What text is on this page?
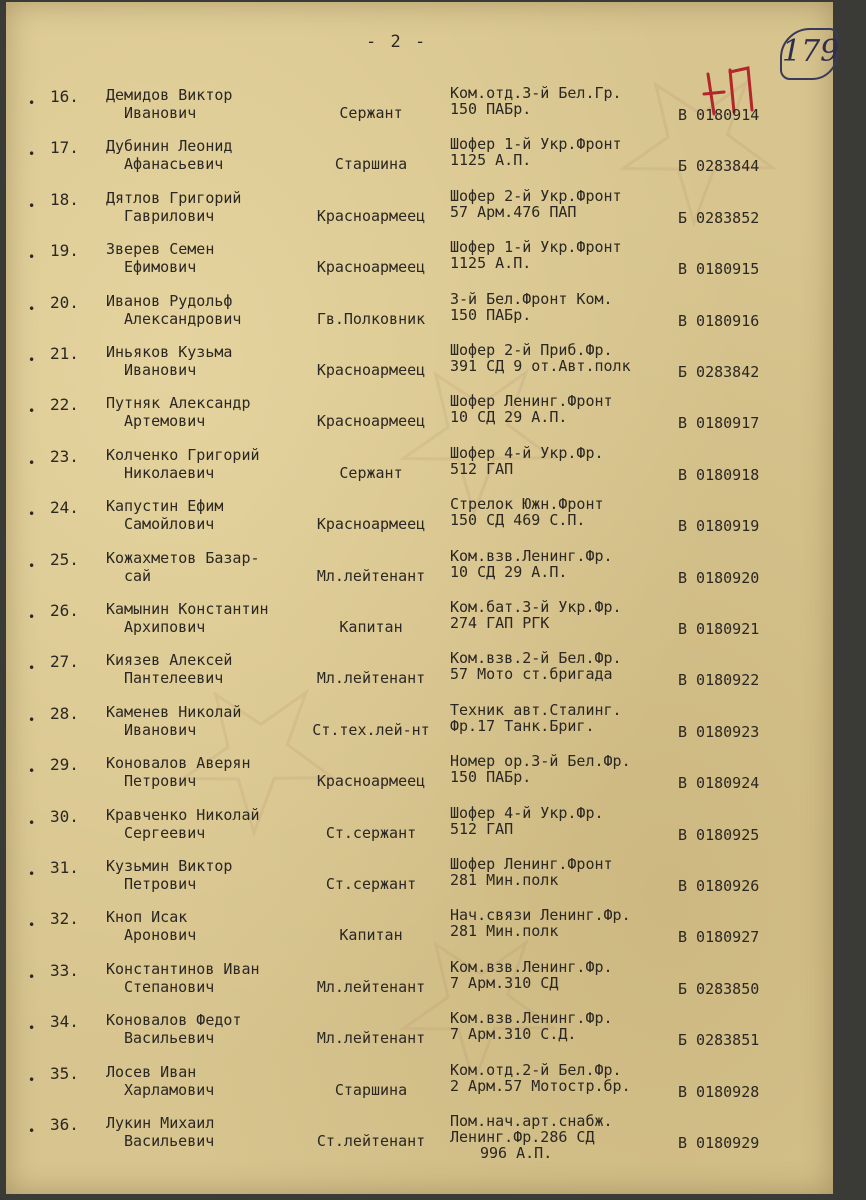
- 2 -	179
• 16. Демидов Виктор
Иванович	Сержант
Ком.отд.3-й Бел.Гр.
150 ПАБр.	В 0180914
• 17. Дубинин Леонид
Афанасьевич	Старшина
Шофер 1-й Укр.Фронт
1125 А.П.	Б 0283844
• 18. Дятлов Григорий
Гаврилович	Красноармеец
Шофер 2-й Укр.Фронт
57 Арм.476 ПАП	Б 0283852
• 19. Зверев Семен
Ефимович	Красноармеец
Шофер 1-й Укр.Фронт
1125 А.П.	В 0180915
• 20. Иванов Рудольф
Александрович	Гв.Полковник
3-й Бел.Фронт Ком.
150 ПАБр.	В 0180916
• 21. Иньяков Кузьма
Иванович	Красноармеец
Шофер 2-й Приб.Фр.
391 СД 9 от.Авт.полк	Б 0283842
• 22. Путняк Александр
Артемович	Красноармеец
Шофер Ленинг.Фронт
10 СД 29 А.П.	В 0180917
• 23. Колченко Григорий
Николаевич	Сержант
Шофер 4-й Укр.Фр.
512 ГАП	В 0180918
• 24. Капустин Ефим
Самойлович	Красноармеец
Стрелок Южн.Фронт
150 СД 469 С.П.	В 0180919
• 25. Кожахметов Базар-
сай	Мл.лейтенант
Ком.взв.Ленинг.Фр.
10 СД 29 А.П.	В 0180920
• 26. Камынин Константин
Архипович	Капитан
Ком.бат.3-й Укр.Фр.
274 ГАП РГК	В 0180921
• 27. Киязев Алексей
Пантелеевич	Мл.лейтенант
Ком.взв.2-й Бел.Фр.
57 Мото ст.бригада	В 0180922
• 28. Каменев Николай
Иванович	Ст.тех.лей-нт
Техник авт.Сталинг.
Фр.17 Танк.Бриг.	В 0180923
• 29. Коновалов Аверян
Петрович	Красноармеец
Номер ор.3-й Бел.Фр.
150 ПАБр.	В 0180924
• 30. Кравченко Николай
Сергеевич	Ст.сержант
Шофер 4-й Укр.Фр.
512 ГАП	В 0180925
• 31. Кузьмин Виктор
Петрович	Ст.сержант
Шофер Ленинг.Фронт
281 Мин.полк	В 0180926
• 32. Кноп Исак
Аронович	Капитан
Нач.связи Ленинг.Фр.
281 Мин.полк	В 0180927
• 33. Константинов Иван
Степанович	Мл.лейтенант
Ком.взв.Ленинг.Фр.
7 Арм.310 СД	Б 0283850
• 34. Коновалов Федот
Васильевич	Мл.лейтенант
Ком.взв.Ленинг.Фр.
7 Арм.310 С.Д.	Б 0283851
• 35. Лосев Иван
Харламович	Старшина
Ком.отд.2-й Бел.Фр.
2 Арм.57 Мотостр.бр.	В 0180928
• 36. Лукин Михаил
Васильевич	Ст.лейтенант
Пом.нач.арт.снабж.
Ленинг.Фр.286 СД
996 А.П.
В 0180929
